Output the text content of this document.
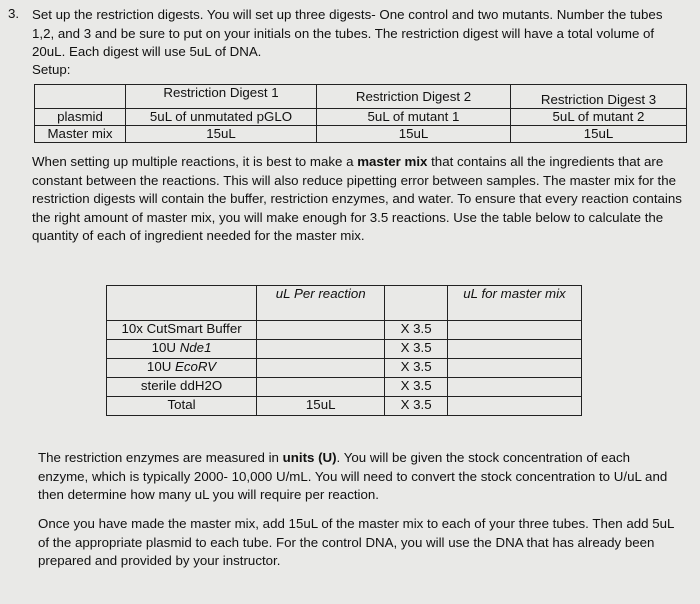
3. Set up the restriction digests. You will set up three digests- One control and two mutants. Number the tubes 1,2, and 3 and be sure to put on your initials on the tubes. The restriction digest will have a total volume of 20uL. Each digest will use 5uL of DNA.
Setup:
	Restriction Digest 1	Restriction Digest 2	Restriction Digest 3
plasmid	5uL of unmutated pGLO	5uL of mutant 1	5uL of mutant 2
Master mix	15uL	15uL	15uL
When setting up multiple reactions, it is best to make a master mix that contains all the ingredients that are constant between the reactions. This will also reduce pipetting error between samples. The master mix for the restriction digests will contain the buffer, restriction enzymes, and water. To ensure that every reaction contains the right amount of master mix, you will make enough for 3.5 reactions. Use the table below to calculate the quantity of each of ingredient needed for the master mix.
	uL Per reaction		uL for master mix
10x CutSmart Buffer		X 3.5	
10U Nde1		X 3.5	
10U EcoRV		X 3.5	
sterile ddH2O		X 3.5	
Total	15uL	X 3.5	
The restriction enzymes are measured in units (U). You will be given the stock concentration of each enzyme, which is typically 2000- 10,000 U/mL. You will need to convert the stock concentration to U/uL and then determine how many uL you will require per reaction.
Once you have made the master mix, add 15uL of the master mix to each of your three tubes. Then add 5uL of the appropriate plasmid to each tube. For the control DNA, you will use the DNA that has already been prepared and provided by your instructor.
